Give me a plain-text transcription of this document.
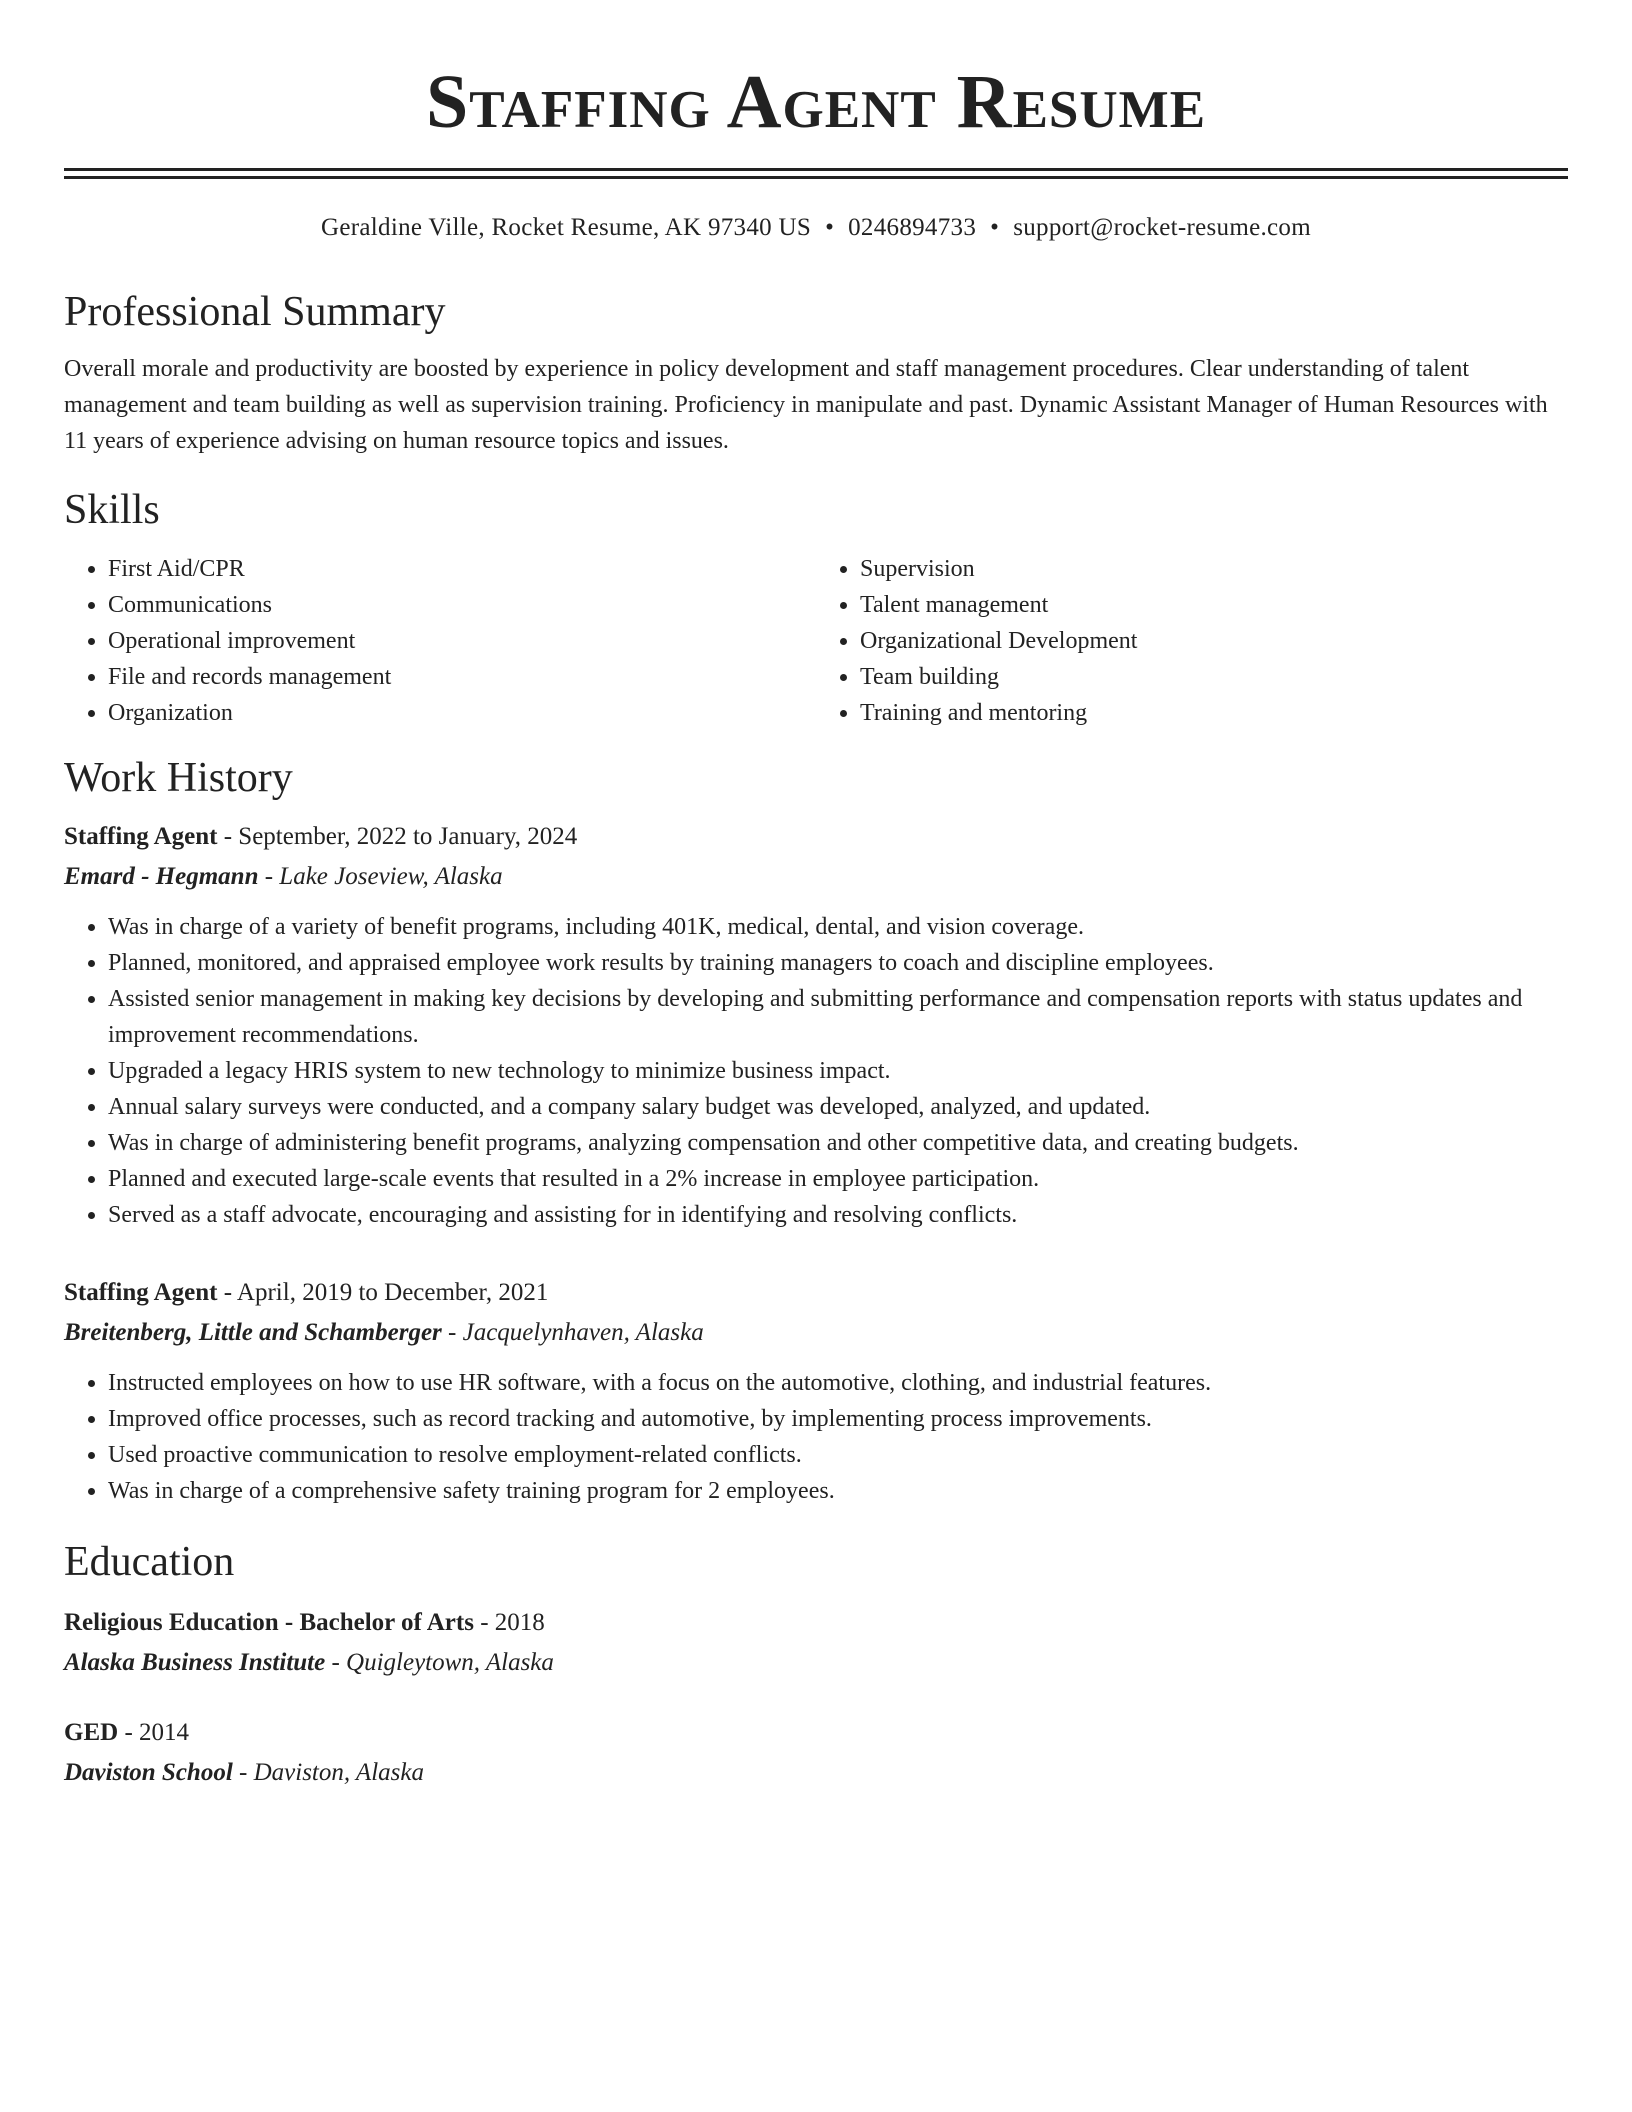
Staffing Agent Resume
Geraldine Ville, Rocket Resume, AK 97340 US • 0246894733 • support@rocket-resume.com
Professional Summary

Overall morale and productivity are boosted by experience in policy development and staff management procedures. Clear understanding of talent management and team building as well as supervision training. Proficiency in manipulate and past. Dynamic Assistant Manager of Human Resources with 11 years of experience advising on human resource topics and issues.

Skills
• First Aid/CPR
• Communications
• Operational improvement
• File and records management
• Organization
• Supervision
• Talent management
• Organizational Development
• Team building
• Training and mentoring
Work History
Staffing Agent - September, 2022 to January, 2024
Emard - Hegmann - Lake Joseview, Alaska
• Was in charge of a variety of benefit programs, including 401K, medical, dental, and vision coverage.
• Planned, monitored, and appraised employee work results by training managers to coach and discipline employees.
• Assisted senior management in making key decisions by developing and submitting performance and compensation reports with status updates and improvement recommendations.
• Upgraded a legacy HRIS system to new technology to minimize business impact.
• Annual salary surveys were conducted, and a company salary budget was developed, analyzed, and updated.
• Was in charge of administering benefit programs, analyzing compensation and other competitive data, and creating budgets.
• Planned and executed large-scale events that resulted in a 2% increase in employee participation.
• Served as a staff advocate, encouraging and assisting for in identifying and resolving conflicts.
Staffing Agent - April, 2019 to December, 2021
Breitenberg, Little and Schamberger - Jacquelynhaven, Alaska
• Instructed employees on how to use HR software, with a focus on the automotive, clothing, and industrial features.
• Improved office processes, such as record tracking and automotive, by implementing process improvements.
• Used proactive communication to resolve employment-related conflicts.
• Was in charge of a comprehensive safety training program for 2 employees.
Education
Religious Education - Bachelor of Arts - 2018
Alaska Business Institute - Quigleytown, Alaska
GED - 2014
Daviston School - Daviston, Alaska
